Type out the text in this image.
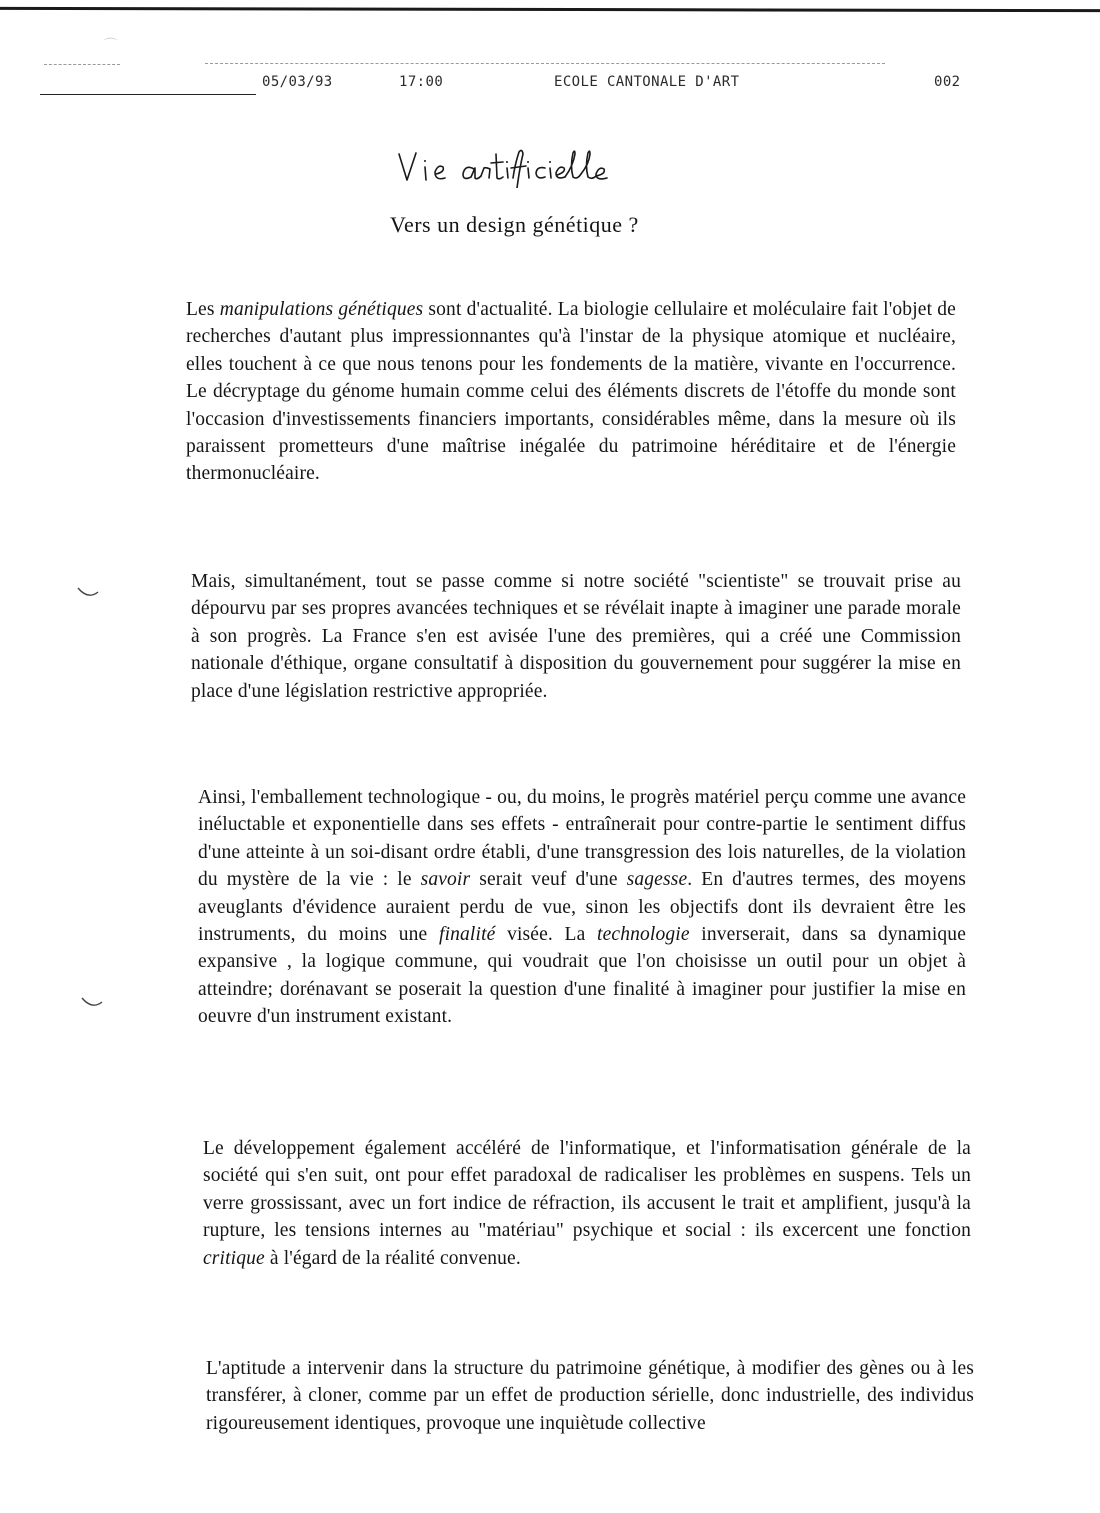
⌒
05/03/93	17:00	ECOLE CANTONALE D'ART	002
Vers un design génétique ?
Les manipulations génétiques sont d'actualité. La biologie cellulaire et moléculaire fait l'objet de recherches d'autant plus impressionnantes qu'à l'instar de la physique atomique et nucléaire, elles touchent à ce que nous tenons pour les fondements de la matière, vivante en l'occurrence. Le décryptage du génome humain comme celui des éléments discrets de l'étoffe du monde sont l'occasion d'investissements financiers importants, considérables même, dans la mesure où ils paraissent prometteurs d'une maîtrise inégalée du patrimoine héréditaire et de l'énergie thermonucléaire.
Mais, simultanément, tout se passe comme si notre société "scientiste" se trouvait prise au dépourvu par ses propres avancées techniques et se révélait inapte à imaginer une parade morale à son progrès. La France s'en est avisée l'une des premières, qui a créé une Commission nationale d'éthique, organe consultatif à disposition du gouvernement pour suggérer la mise en place d'une législation restrictive appropriée.
Ainsi, l'emballement technologique - ou, du moins, le progrès matériel perçu comme une avance inéluctable et exponentielle dans ses effets - entraînerait pour contre-partie le sentiment diffus d'une atteinte à un soi-disant ordre établi, d'une transgression des lois naturelles, de la violation du mystère de la vie : le savoir serait veuf d'une sagesse. En d'autres termes, des moyens aveuglants d'évidence auraient perdu de vue, sinon les objectifs dont ils devraient être les instruments, du moins une finalité visée. La technologie inverserait, dans sa dynamique expansive , la logique commune, qui voudrait que l'on choisisse un outil pour un objet à atteindre; dorénavant se poserait la question d'une finalité à imaginer pour justifier la mise en oeuvre d'un instrument existant.
Le développement également accéléré de l'informatique, et l'informatisation générale de la société qui s'en suit, ont pour effet paradoxal de radicaliser les problèmes en suspens. Tels un verre grossissant, avec un fort indice de réfraction, ils accusent le trait et amplifient, jusqu'à la rupture, les tensions internes au "matériau" psychique et social : ils excercent une fonction critique à l'égard de la réalité convenue.
L'aptitude a intervenir dans la structure du patrimoine génétique, à modifier des gènes ou à les transférer, à cloner, comme par un effet de production sérielle, donc industrielle, des individus rigoureusement identiques, provoque une inquiètude collective
